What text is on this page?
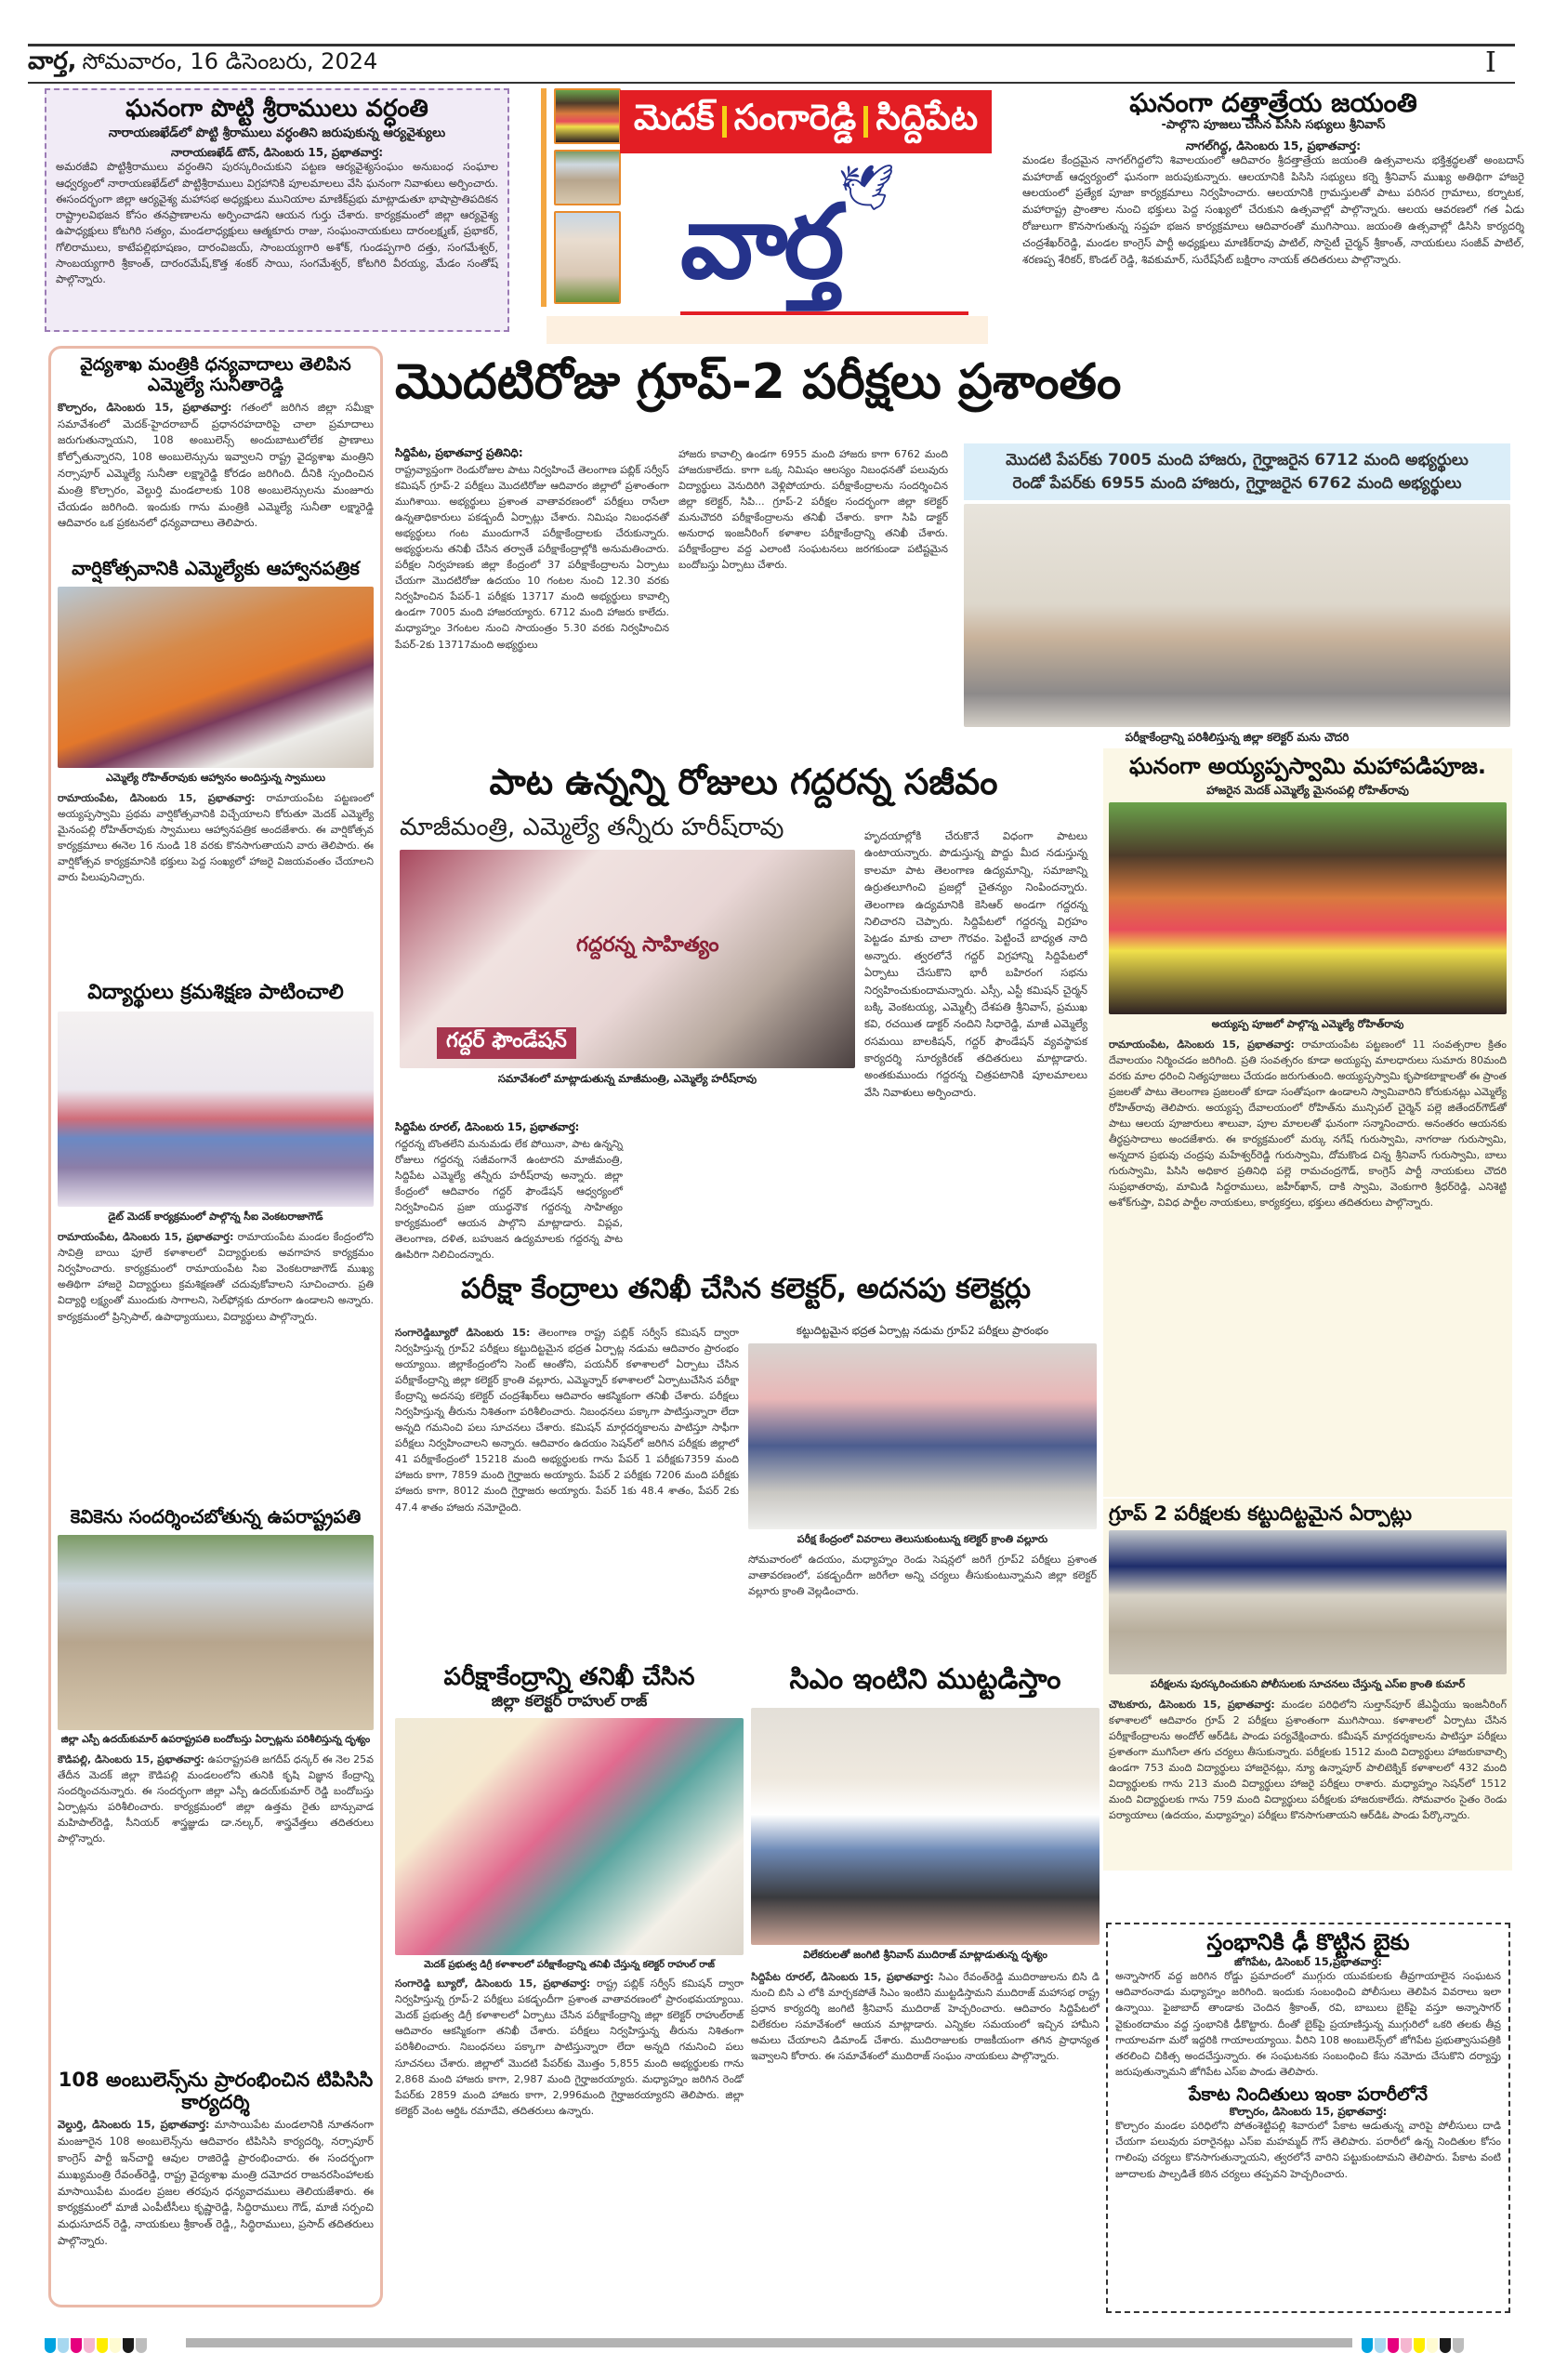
వార్త, సోమవారం, 16 డిసెంబరు, 2024	I
ఘనంగా పొట్టి శ్రీరాములు వర్ధంతి
నారాయణఖేడ్‌లో పొట్టి శ్రీరాములు వర్ధంతిని జరుపుకున్న ఆర్యవైశ్యులు
నారాయణఖేడ్ టౌన్, డిసెంబరు 15, ప్రభాతవార్త:
అమరజీవి పొట్టిశ్రీరాములు వర్ధంతిని పురస్కరించుకుని పట్టణ ఆర్యవైశ్యసంఘం అనుబంధ సంఘాల ఆధ్వర్యంలో నారాయణఖేడ్‌లో పొట్టిశ్రీరాములు విగ్రహానికి పూలమాలలు వేసి ఘనంగా నివాళులు అర్పించారు. ఈసందర్భంగా జిల్లా ఆర్యవైశ్య మహాసభ అధ్యక్షులు మునియాల మాణిక్‌ప్రభు మాట్లాడుతూ భాషాప్రాతిపదికన రాష్ట్రాలవిభజన కోసం తనప్రాణాలను అర్పించాడని ఆయన గుర్తు చేశారు. కార్యక్రమంలో జిల్లా ఆర్యవైశ్య ఉపాధ్యక్షులు కోటగిరి సత్యం, మండలాధ్యక్షులు ఆత్మకూరు రాజు, సంఘంనాయకులు దారంలక్ష్మణ్, ప్రభాకర్, గోలిరాములు, కాటేపల్లిభూషణం, దారంవిజయ్, సాంబయ్యగారి అశోక్, గుండప్పగారి దత్తు, సంగమేశ్వర్, సాంబయ్యగారి శ్రీకాంత్, దారంరమేష్,కొత్త శంకర్ సాయి, సంగమేశ్వర్, కోటగిరి వీరయ్య, మేడం సంతోష్ పాల్గొన్నారు.
మెదక్ సంగారెడ్డి సిద్దిపేట
🕊
వార్త
ఘనంగా దత్తాత్రేయ జయంతి
-పాల్గొని పూజలు చేసిన పిసిసి సభ్యులు శ్రీనివాస్
నాగల్‌గిద్ద, డిసెంబరు 15, ప్రభాతవార్త:
మండల కేంద్రమైన నాగల్‌గిద్దలోని శివాలయంలో ఆదివారం శ్రీదత్తాత్రేయ జయంతి ఉత్సవాలను భక్తిశ్రద్ధలతో అంబదాస్ మహారాజ్ ఆధ్వర్యంలో ఘనంగా జరుపుకున్నారు. ఆలయానికి పిసిసి సభ్యులు కర్నె శ్రీనివాస్ ముఖ్య అతిథిగా హాజరై ఆలయంలో ప్రత్యేక పూజా కార్యక్రమాలు నిర్వహించారు. ఆలయానికి గ్రామస్తులతో పాటు పరిసర గ్రామాలు, కర్నాటక, మహారాష్ట్ర ప్రాంతాల నుంచి భక్తులు పెద్ద సంఖ్యలో చేరుకుని ఉత్సవాల్లో పాల్గొన్నారు. ఆలయ ఆవరణలో గత ఏడు రోజులుగా కొనసాగుతున్న సప్తహ భజన కార్యక్రమాలు ఆదివారంతో ముగిసాయి. జయంతి ఉత్సవాల్లో డిసిసి కార్యదర్శి చంద్రశేఖర్‌రెడ్డి, మండల కాంగ్రెస్ పార్టీ అధ్యక్షులు మాణిక్‌రావు పాటిల్, సొసైటీ చైర్మన్ శ్రీకాంత్, నాయకులు సంజీవ్ పాటిల్, శరణప్ప శేరికర్, కొండల్ రెడ్డి, శివకుమార్, సురేష్‌సేట్ బక్షిరాం నాయక్ తదితరులు పాల్గొన్నారు.
వైద్యశాఖ మంత్రికి ధన్యవాదాలు తెలిపిన ఎమ్మెల్యే సునీతారెడ్డి
కొల్చారం, డిసెంబరు 15, ప్రభాతవార్త: గతంలో జరిగిన జిల్లా సమీక్షా సమావేశంలో మెదక్-హైదరాబాద్ ప్రధానరహదారిపై చాలా ప్రమాదాలు జరుగుతున్నాయని, 108 అంబులెన్స్ అందుబాటులోలేక ప్రాణాలు కోల్పోతున్నారని, 108 అంబులెన్సును ఇవ్వాలని రాష్ట్ర వైద్యశాఖ మంత్రిని నర్సాపూర్ ఎమ్మెల్యే సునీతా లక్ష్మారెడ్డి కోరడం జరిగింది. దీనికి స్పందించిన మంత్రి కొల్చారం, వెల్దుర్తి మండలాలకు 108 అంబులెన్సులను మంజూరు చేయడం జరిగింది. ఇందుకు గాను మంత్రికి ఎమ్మెల్యే సునీతా లక్ష్మారెడ్డి ఆదివారం ఒక ప్రకటనలో ధన్యవాదాలు తెలిపారు.
వార్షికోత్సవానికి ఎమ్మెల్యేకు ఆహ్వానపత్రిక
ఎమ్మెల్యే రోహిత్‌రావుకు ఆహ్వానం అందిస్తున్న స్వాములు
రామాయంపేట, డిసెంబరు 15, ప్రభాతవార్త: రామాయంపేట పట్టణంలో అయ్యప్పస్వామి ప్రథమ వార్షికోత్సవానికి విచ్చేయాలని కోరుతూ మెదక్ ఎమ్మెల్యే మైనంపల్లి రోహిత్‌రావుకు స్వాములు ఆహ్వానపత్రిక అందజేశారు. ఈ వార్షికోత్సవ కార్యక్రమాలు ఈనెల 16 నుండి 18 వరకు కొనసాగుతాయని వారు తెలిపారు. ఈ వార్షికోత్సవ కార్యక్రమానికి భక్తులు పెద్ద సంఖ్యలో హాజరై విజయవంతం చేయాలని వారు పిలుపునిచ్చారు.
విద్యార్థులు క్రమశిక్షణ పాటించాలి
డైట్ మెదక్ కార్యక్రమంలో పాల్గొన్న సీఐ వెంకటరాజాగౌడ్
రామాయంపేట, డిసెంబరు 15, ప్రభాతవార్త: రామాయంపేట మండల కేంద్రంలోని సావిత్రి బాయి ఫూలే కళాశాలలో విద్యార్థులకు అవగాహన కార్యక్రమం నిర్వహించారు. కార్యక్రమంలో రామాయంపేట సిఐ వెంకటరాజాగౌడ్ ముఖ్య అతిథిగా హాజరై విద్యార్థులు క్రమశిక్షణతో చదువుకోవాలని సూచించారు. ప్రతి విద్యార్థి లక్ష్యంతో ముందుకు సాగాలని, సెల్‌ఫోన్లకు దూరంగా ఉండాలని అన్నారు. కార్యక్రమంలో ప్రిన్సిపాల్, ఉపాధ్యాయులు, విద్యార్థులు పాల్గొన్నారు.
కెవికెను సందర్శించబోతున్న ఉపరాష్ట్రపతి
జిల్లా ఎస్పీ ఉదయ్‌కుమార్ ఉపరాష్ట్రపతి బందోబస్తు ఏర్పాట్లను పరిశీలిస్తున్న దృశ్యం
కౌడిపల్లి, డిసెంబరు 15, ప్రభాతవార్త: ఉపరాష్ట్రపతి జగదీప్ ధన్కర్ ఈ నెల 25వ తేదీన మెదక్ జిల్లా కౌడిపల్లి మండలంలోని తునికి కృషి విజ్ఞాన కేంద్రాన్ని సందర్శించనున్నారు. ఈ సందర్భంగా జిల్లా ఎస్పీ ఉదయ్‌కుమార్ రెడ్డి బందోబస్తు ఏర్పాట్లను పరిశీలించారు. కార్యక్రమంలో జిల్లా ఉత్తమ రైతు బాన్సువాడ మహిపాల్‌రెడ్డి, సీనియర్ శాస్త్రజ్ఞుడు డా.నల్కర్, శాస్త్రవేత్తలు తదితరులు పాల్గొన్నారు.
108 అంబులెన్స్‌ను ప్రారంభించిన టిపిసిసి కార్యదర్శి
వెల్దుర్తి, డిసెంబరు 15, ప్రభాతవార్త: మాసాయిపేట మండలానికి నూతనంగా మంజూరైన 108 అంబులెన్స్‌ను ఆదివారం టిపిసిసి కార్యదర్శి, నర్సాపూర్ కాంగ్రెస్ పార్టీ ఇన్‌చార్జి ఆవుల రాజిరెడ్డి ప్రారంభించారు. ఈ సందర్భంగా ముఖ్యమంత్రి రేవంత్‌రెడ్డి, రాష్ట్ర వైద్యశాఖ మంత్రి దమోదర రాజనరసింహాలకు మాసాయిపేట మండల ప్రజల తరపున ధన్యవాదములు తెలియజేశారు. ఈ కార్యక్రమంలో మాజీ ఎంపీటీసీలు కృష్ణారెడ్డి, సిద్ధిరాములు గౌడ్, మాజీ సర్పంచి మధుసూదన్ రెడ్డి, నాయకులు శ్రీకాంత్ రెడ్డి,, సిద్ధిరాములు, ప్రసాద్ తదితరులు పాల్గొన్నారు.
మొదటిరోజు గ్రూప్-2 పరీక్షలు ప్రశాంతం
సిద్దిపేట, ప్రభాతవార్త ప్రతినిధి:
రాష్ట్రవ్యాప్తంగా రెండురోజుల పాటు నిర్వహించే తెలంగాణ పబ్లిక్ సర్వీస్ కమిషన్ గ్రూప్-2 పరీక్షలు మొదటిరోజు ఆదివారం జిల్లాలో ప్రశాంతంగా ముగిశాయి. అభ్యర్థులు ప్రశాంత వాతావరణంలో పరీక్షలు రాసేలా ఉన్నతాధికారులు పకడ్బందీ ఏర్పాట్లు చేశారు. నిమిషం నిబంధనతో అభ్యర్థులు గంట ముందుగానే పరీక్షాకేంద్రాలకు చేరుకున్నారు. అభ్యర్థులను తనిఖీ చేసిన తర్వాతే పరీక్షాకేంద్రాల్లోకి అనుమతించారు. పరీక్షల నిర్వహణకు జిల్లా కేంద్రంలో 37 పరీక్షాకేంద్రాలను ఏర్పాటు చేయగా మొదటిరోజు ఉదయం 10 గంటల నుంచి 12.30 వరకు నిర్వహించిన పేపర్-1 పరీక్షకు 13717 మంది అభ్యర్థులు కావాల్సి ఉండగా 7005 మంది హాజరయ్యారు. 6712 మంది హాజరు కాలేదు. మధ్యాహ్నం 3గంటల నుంచి సాయంత్రం 5.30 వరకు నిర్వహించిన పేపర్-2కు 13717మంది అభ్యర్థులు
హాజరు కావాల్సి ఉండగా 6955 మంది హాజరు కాగా 6762 మంది హాజరుకాలేదు. కాగా ఒక్క నిమిషం ఆలస్యం నిబంధనతో పలువురు విద్యార్థులు వెనుదిరిగి వెళ్లిపోయారు. పరీక్షాకేంద్రాలను సందర్శించిన జిల్లా కలెక్టర్, సిపి... గ్రూప్-2 పరీక్షల సందర్భంగా జిల్లా కలెక్టర్ మనుచౌదరి పరీక్షాకేంద్రాలను తనిఖీ చేశారు. కాగా సిపి డాక్టర్ అనురాధ ఇంజనీరింగ్ కళాశాల పరీక్షాకేంద్రాన్ని తనిఖీ చేశారు. పరీక్షాకేంద్రాల వద్ద ఎలాంటి సంఘటనలు జరగకుండా పటిష్టమైన బందోబస్తు ఏర్పాటు చేశారు.
మొదటి పేపర్‌కు 7005 మంది హాజరు, గైర్హాజరైన 6712 మంది అభ్యర్థులు
రెండో పేపర్‌కు 6955 మంది హాజరు, గైర్హాజరైన 6762 మంది అభ్యర్థులు
పరీక్షాకేంద్రాన్ని పరిశీలిస్తున్న జిల్లా కలెక్టర్ మను చౌదరి
పాట ఉన్నన్ని రోజులు గద్దరన్న సజీవం
మాజీమంత్రి, ఎమ్మెల్యే తన్నీరు హరీష్‌రావు
గద్దర్ ఫౌండేషన్
గద్దరన్న సాహిత్యం
సమావేశంలో మాట్లాడుతున్న మాజీమంత్రి, ఎమ్మెల్యే హరీష్‌రావు
సిద్దిపేట రూరల్, డిసెంబరు 15, ప్రభాతవార్త:
గద్దరన్న బొంతలేని మనుమడు లేక పోయినా, పాట ఉన్నన్ని రోజులు గద్దరన్న సజీవంగానే ఉంటారని మాజీమంత్రి, సిద్దిపేట ఎమ్మెల్యే తన్నీరు హరీష్‌రావు అన్నారు. జిల్లా కేంద్రంలో ఆదివారం గద్దర్ ఫౌండేషన్ ఆధ్వర్యంలో నిర్వహించిన ప్రజా యుద్ధనౌక గద్దరన్న సాహిత్యం కార్యక్రమంలో ఆయన పాల్గొని మాట్లాడారు. విప్లవ, తెలంగాణ, దళిత, బహుజన ఉద్యమాలకు గద్దరన్న పాట ఊపిరిగా నిలిచిందన్నారు.
హృదయాల్లోకి చేరుకొనే విధంగా పాటలు ఉంటాయన్నారు. పొడుస్తున్న పొద్దు మీద నడుస్తున్న కాలమా పాట తెలంగాణ ఉద్యమాన్ని, సమాజాన్ని ఉర్రుతలూగించి ప్రజల్లో చైతన్యం నింపిందన్నారు. తెలంగాణ ఉద్యమానికి కెసిఆర్ అండగా గద్దరన్న నిలిచారని చెప్పారు. సిద్దిపేటలో గద్దరన్న విగ్రహం పెట్టడం మాకు చాలా గౌరవం. పెట్టించే బాధ్యత నాది అన్నారు. త్వరలోనే గద్దర్ విగ్రహాన్ని సిద్దిపేటలో ఏర్పాటు చేసుకొని భారీ బహిరంగ సభను నిర్వహించుకుందామన్నారు. ఎస్సీ, ఎస్టీ కమిషన్ చైర్మన్ బక్కి వెంకటయ్య, ఎమ్మెల్సీ దేశపతి శ్రీనివాస్, ప్రముఖ కవి, రచయిత డాక్టర్ నందిని సిధారెడ్డి, మాజీ ఎమ్మెల్యే రసమయి బాలకిషన్, గద్దర్ ఫౌండేషన్ వ్యవస్థాపక కార్యదర్శి సూర్యకిరణ్ తదితరులు మాట్లాడారు. అంతకుముందు గద్దరన్న చిత్రపటానికి పూలమాలలు వేసి నివాళులు అర్పించారు.
ఘనంగా అయ్యప్పస్వామి మహాపడిపూజ.
హాజరైన మెదక్ ఎమ్మెల్యే మైనంపల్లి రోహిత్‌రావు
అయ్యప్ప పూజలో పాల్గొన్న ఎమ్మెల్యే రోహిత్‌రావు
రామాయంపేట, డిసెంబరు 15, ప్రభాతవార్త: రామాయంపేట పట్టణంలో 11 సంవత్సరాల క్రితం దేవాలయం నిర్మించడం జరిగింది. ప్రతి సంవత్సరం కూడా అయ్యప్ప మాలధారులు సుమారు 80మంది వరకు మాల ధరించి నిత్యపూజలు చేయడం జరుగుతుంది. అయ్యప్పస్వామి కృపాకటాక్షాలతో ఈ ప్రాంత ప్రజలతో పాటు తెలంగాణ ప్రజలంతో కూడా సంతోషంగా ఉండాలని స్వామివారిని కోరుకునట్లు ఎమ్మెల్యే రోహిత్‌రావు తెలిపారు. అయ్యప్ప దేవాలయంలో రోహిత్‌ను మున్సిపల్ చైర్మెన్ పల్లె జితేందర్‌గౌడ్‌తో పాటు ఆలయ పూజారులు శాలువా, పూల మాలలతో ఘనంగా సన్మానించారు. అనంతరం ఆయనకు తీర్థప్రసాదాలు అందజేశారు. ఈ కార్యక్రమంలో మర్కు నగేష్ గురుస్వామి, నాగరాజు గురుస్వామి, అన్నదాన ప్రభువు చంద్రపు మహేశ్వర్‌రెడ్డి గురుస్వామి, దోమకొండ చిన్న శ్రీనివాస్ గురుస్వామి, బాలు గురుస్వామి, పిసిసి అధికార ప్రతినిధి పల్లె రామచంద్రగౌడ్, కాంగ్రెస్ పార్టీ నాయకులు చౌదరి సుప్రభాతరావు, మామిడి సిద్దరాములు, జహీర్‌ఖాన్, దాకి స్వామి, వెంకుగారి శ్రీధర్‌రెడ్డి, ఎనిశెట్టి అశోక్‌గుప్తా, వివిధ పార్టీల నాయకులు, కార్యకర్తలు, భక్తులు తదితరులు పాల్గొన్నారు.
పరీక్షా కేంద్రాలు తనిఖీ చేసిన కలెక్టర్, అదనపు కలెక్టర్లు
సంగారెడ్డిబ్యూరో డిసెంబరు 15: తెలంగాణ రాష్ట్ర పబ్లిక్ సర్వీస్ కమిషన్ ద్వారా నిర్వహిస్తున్న గ్రూప్2 పరీక్షలు కట్టుదిట్టమైన భద్రత ఏర్పాట్ల నడుమ ఆదివారం ప్రారంభం అయ్యాయి. జిల్లాకేంద్రంలోని సెంట్ ఆంతోని, పయనీర్ కళాశాలలో ఏర్పాటు చేసిన పరీక్షాకేంద్రాన్ని జిల్లా కలెక్టర్ క్రాంతి వల్లూరు, ఎమ్మెన్నార్ కళాశాలలో ఏర్పాటుచేసిన పరీక్షా కేంద్రాన్ని అదనపు కలెక్టర్ చంద్రశేఖర్‌లు ఆదివారం ఆకస్మికంగా తనిఖీ చేశారు. పరీక్షలు నిర్వహిస్తున్న తీరును నిశితంగా పరిశీలించారు. నిబంధనలు పక్కాగా పాటిస్తున్నారా లేదా అన్నది గమనించి పలు సూచనలు చేశారు. కమిషన్ మార్గదర్శకాలను పాటిస్తూ సాఫీగా పరీక్షలు నిర్వహించాలని అన్నారు. ఆదివారం ఉదయం సెషన్‌లో జరిగిన పరీక్షకు జిల్లాలో 41 పరీక్షాకేంద్రంలో 15218 మంది అభ్యర్థులకు గాను పేపర్ 1 పరీక్షకు7359 మంది హాజరు కాగా, 7859 మంది గైర్హాజరు అయ్యారు. పేపర్ 2 పరీక్షకు 7206 మంది పరీక్షకు హాజరు కాగా, 8012 మంది గైర్హాజరు అయ్యారు. పేపర్ 1కు 48.4 శాతం, పేపర్ 2కు 47.4 శాతం హాజరు నమోదైంది.
కట్టుదిట్టమైన భద్రత ఏర్పాట్ల నడుమ గ్రూప్2 పరీక్షలు ప్రారంభం
పరీక్ష కేంద్రంలో వివరాలు తెలుసుకుంటున్న కలెక్టర్ క్రాంతి వల్లూరు
సోమవారంలో ఉదయం, మధ్యాహ్నం రెండు సెషన్లలో జరిగే గ్రూప్2 పరీక్షలు ప్రశాంత వాతావరణంలో, పకడ్బందీగా జరిగేలా అన్ని చర్యలు తీసుకుంటున్నామని జిల్లా కలెక్టర్ వల్లూరు క్రాంతి వెల్లడించారు.
గ్రూప్ 2 పరీక్షలకు కట్టుదిట్టమైన ఏర్పాట్లు
పరీక్షలను పురస్కరించుకుని పోలీసులకు సూచనలు చేస్తున్న ఎస్‌ఐ క్రాంతి కుమార్
చౌటకూరు, డిసెంబరు 15, ప్రభాతవార్త: మండల పరిధిలోని సుల్తాన్‌పూర్ జేఎన్టీయు ఇంజనీరింగ్ కళాశాలలో ఆదివారం గ్రూప్ 2 పరీక్షలు ప్రశాంతంగా ముగిసాయి. కళాశాలలో ఏర్పాటు చేసిన పరీక్షాకేంద్రాలను అందోల్ ఆర్‌డిఓ పాండు పర్యవేక్షించారు. కమీషన్ మార్గదర్శకాలను పాటిస్తూ పరీక్షలు ప్రశాతంగా ముగిసేలా తగు చర్యలు తీసుకున్నారు. పరీక్షలకు 1512 మంది విద్యార్థులు హాజరుకావాల్సి ఉండగా 753 మంది విద్యార్థులు హాజరైనట్లు, న్యూ ఉన్నాపూర్ పాలిటెక్నిక్ కళాశాలలో 432 మంది విద్యార్థులకు గాను 213 మంది విద్యార్థులు హాజరై పరీక్షలు రాశారు. మధ్యాహ్నం సెషన్‌లో 1512 మంది విద్యార్థులకు గాను 759 మంది విద్యార్థులు పరీక్షలకు హాజరుకాలేదు. సోమవారం సైతం రెండు పర్యాయాలు (ఉదయం, మధ్యాహ్నం) పరీక్షలు కొనసాగుతాయని ఆర్‌డిఓ పాండు పేర్కొన్నారు.
పరీక్షాకేంద్రాన్ని తనిఖీ చేసిన
జిల్లా కలెక్టర్ రాహుల్ రాజ్
మెదక్ ప్రభుత్వ డిగ్రీ కళాశాలలో పరీక్షాకేంద్రాన్ని తనిఖీ చేస్తున్న కలెక్టర్ రాహుల్ రాజ్
సంగారెడ్డి బ్యూరో, డిసెంబరు 15, ప్రభాతవార్త: రాష్ట్ర పబ్లిక్ సర్వీస్ కమిషన్ ద్వారా నిర్వహిస్తున్న గ్రూప్-2 పరీక్షలు పకడ్బందీగా ప్రశాంత వాతావరణంలో ప్రారంభమయ్యాయి. మెదక్ ప్రభుత్వ డిగ్రీ కళాశాలలో ఏర్పాటు చేసిన పరీక్షాకేంద్రాన్ని జిల్లా కలెక్టర్ రాహుల్‌రాజ్ ఆదివారం ఆకస్మికంగా తనిఖీ చేశారు. పరీక్షలు నిర్వహిస్తున్న తీరును నిశితంగా పరిశీలించారు. నిబంధనలు పక్కాగా పాటిస్తున్నారా లేదా అన్నది గమనించి పలు సూచనలు చేశారు. జిల్లాలో మొదటి పేపర్‌కు మొత్తం 5,855 మంది అభ్యర్థులకు గాను 2,868 మంది హాజరు కాగా, 2,987 మంది గైర్హాజరయ్యారు. మధ్యాహ్నం జరిగిన రెండో పేపర్‌కు 2859 మంది హాజరు కాగా, 2,996మంది గైర్హాజరయ్యారని తెలిపారు. జిల్లా కలెక్టర్ వెంట ఆర్డిఓ రమాదేవి, తదితరులు ఉన్నారు.
సిఎం ఇంటిని ముట్టడిస్తాం
విలేకరులతో జంగిటి శ్రీనివాస్ ముదిరాజ్ మాట్లాడుతున్న దృశ్యం
సిద్దిపేట రూరల్, డిసెంబరు 15, ప్రభాతవార్త: సిఎం రేవంత్‌రెడ్డి ముదిరాజులను బిసి డి నుంచి బిసి ఎ లోకి మార్చకపోతే సిఎం ఇంటిని ముట్టడిస్తామని ముదిరాజ్ మహాసభ రాష్ట్ర ప్రధాన కార్యదర్శి జంగిటి శ్రీనివాస్ ముదిరాజ్ హెచ్చరించారు. ఆదివారం సిద్దిపేటలో విలేకరుల సమావేశంలో ఆయన మాట్లాడారు. ఎన్నికల సమయంలో ఇచ్చిన హామీని అమలు చేయాలని డిమాండ్ చేశారు. ముదిరాజులకు రాజకీయంగా తగిన ప్రాధాన్యత ఇవ్వాలని కోరారు. ఈ సమావేశంలో ముదిరాజ్ సంఘం నాయకులు పాల్గొన్నారు.
స్తంభానికి ఢీ కొట్టిన బైకు
జోగిపేట, డిసెంబర్ 15,ప్రభాతవార్త:
అన్నాసాగర్ వద్ద జరిగిన రోడ్డు ప్రమాదంలో ముగ్గురు యువకులకు తీవ్రగాయాలైన సంఘటన ఆదివారంనాడు మధ్యాహ్నం జరిగింది. ఇందుకు సంబంధించి పోలీసులు తెలిపిన వివరాలు ఇలా ఉన్నాయి. ఫైజాబాద్ తాండాకు చెందిన శ్రీకాంత్, రవి, బాబులు బైక్‌పై వస్తూ అన్నాసాగర్ వైకుంఠదామం వద్ద స్తంభానికి ఢీకొట్టారు. దీంతో బైక్‌పై ప్రయాణిస్తున్న ముగ్గురిలో ఒకరి తలకు తీవ్ర గాయాలవగా మరో ఇద్దరికి గాయాలయ్యాయి. వీరిని 108 అంబులెన్స్‌లో జోగిపేట ప్రభుత్వాసుపత్రికి తరలించి చికిత్స అందచేస్తున్నారు. ఈ సంఘటనకు సంబంధించి కేసు నమోదు చేసుకొని దర్యాప్తు జరుపుతున్నామని జోగిపేట ఎస్‌ఐ పాండు తెలిపారు.
పేకాట నిందితులు ఇంకా పరారీలోనే
కొల్చారం, డిసెంబరు 15, ప్రభాతవార్త:
కొల్చారం మండల పరిధిలోని పోతంశెట్టిపల్లి శివారులో పేకాట ఆడుతున్న వారిపై పోలీసులు దాడి చేయగా పలువురు పరారైనట్లు ఎస్‌ఐ మహమ్మద్ గౌస్ తెలిపారు. పరారీలో ఉన్న నిందితుల కోసం గాలింపు చర్యలు కొనసాగుతున్నాయని, త్వరలోనే వారిని పట్టుకుంటామని తెలిపారు. పేకాట వంటి జూదాలకు పాల్పడితే కఠిన చర్యలు తప్పవని హెచ్చరించారు.
